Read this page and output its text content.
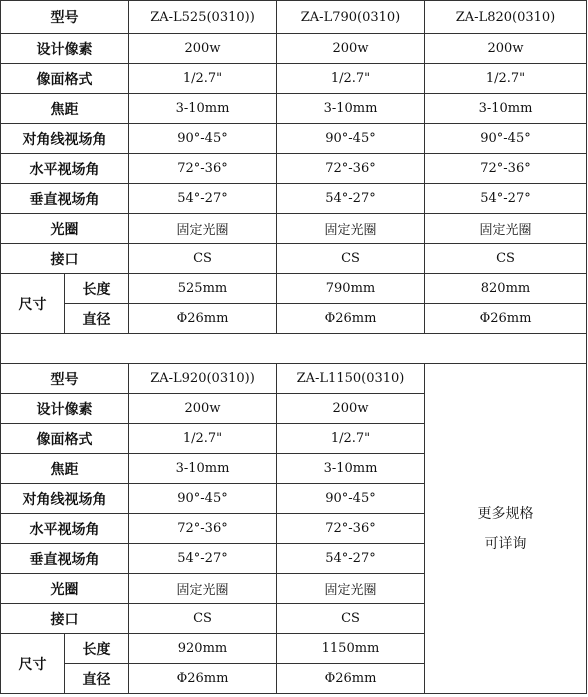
型号		ZA-L525(0310))	ZA-L790(0310)	ZA-L820(0310)
设计像素		200w	200w	200w
像面格式		1/2.7"	1/2.7"	1/2.7"
焦距		3-10mm	3-10mm	3-10mm
对角线视场角		90°-45°	90°-45°	90°-45°
水平视场角		72°-36°	72°-36°	72°-36°
垂直视场角		54°-27°	54°-27°	54°-27°
光圈		固定光圈	固定光圈	固定光圈
接口		CS	CS	CS
尺寸	长度	525mm	790mm	820mm
	直径	Φ26mm	Φ26mm	Φ26mm

型号		ZA-L920(0310))	ZA-L1150(0310)	更多规格
可详询

设计像素		200w	200w	
像面格式		1/2.7"	1/2.7"	
焦距		3-10mm	3-10mm	
对角线视场角		90°-45°	90°-45°	
水平视场角		72°-36°	72°-36°	
垂直视场角		54°-27°	54°-27°	
光圈		固定光圈	固定光圈	
接口		CS	CS	
尺寸	长度	920mm	1150mm	
	直径	Φ26mm	Φ26mm	
